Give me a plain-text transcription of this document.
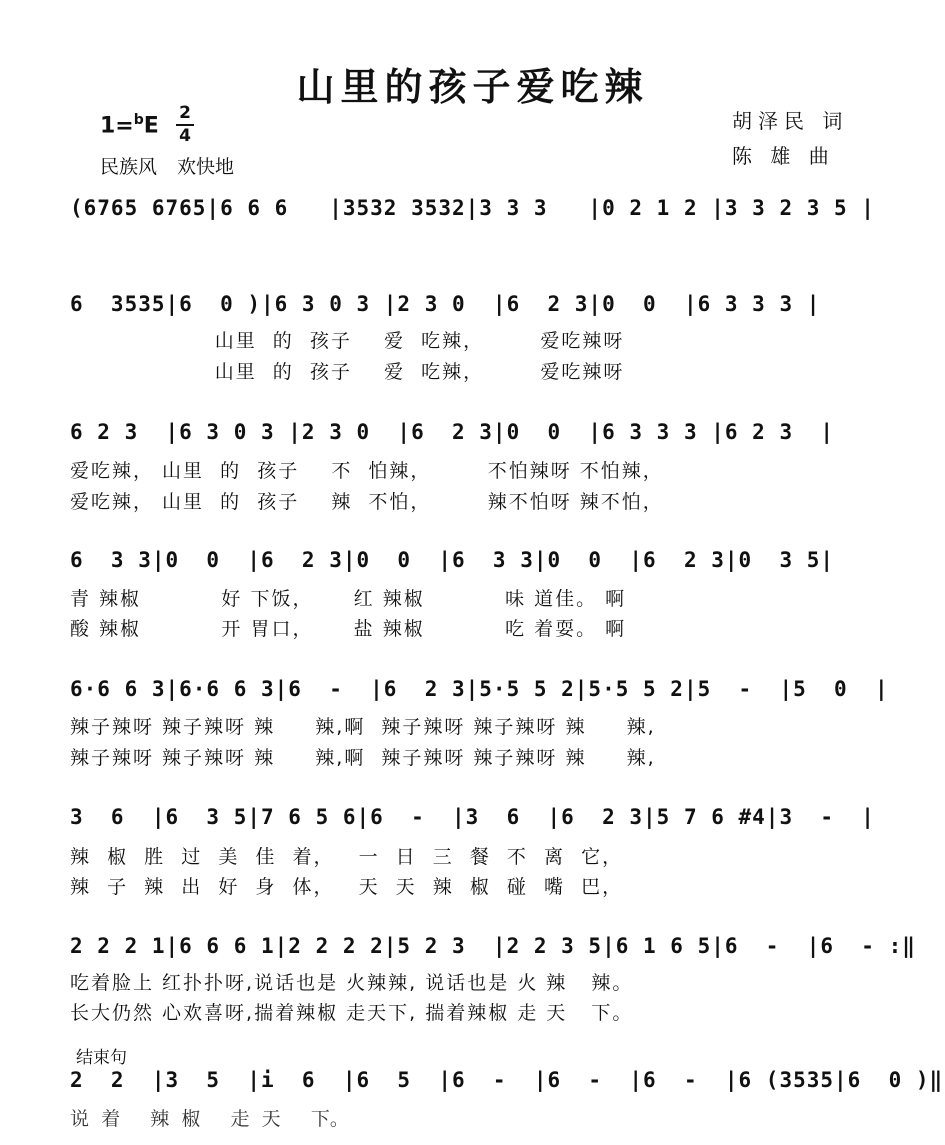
山里的孩子爱吃辣
1=$^b$E
2
4
民族风 欢快地
胡泽民 词
陈 雄 曲
(6765 6765|6 6 6   |3532 3532|3 3 3   |0 2 1 2 |3 3 2 3 5 |
6  3535|6  0 )|6 3 0 3 |2 3 0  |6  2 3|0  0  |6 3 3 3 |
山里  的  孩子    爱  吃辣，       爱吃辣呀
山里  的  孩子    爱  吃辣，       爱吃辣呀
6 2 3  |6 3 0 3 |2 3 0  |6  2 3|0  0  |6 3 3 3 |6 2 3  |
爱吃辣， 山里  的  孩子    不  怕辣，       不怕辣呀 不怕辣，
爱吃辣， 山里  的  孩子    辣  不怕，       辣不怕呀 辣不怕，
6  3 3|0  0  |6  2 3|0  0  |6  3 3|0  0  |6  2 3|0  3 5|
青 辣椒          好 下饭，     红 辣椒          味 道佳。 啊
酸 辣椒          开 胃口，     盐 辣椒          吃 着耍。 啊
6·6 6 3|6·6 6 3|6  -  |6  2 3|5·5 5 2|5·5 5 2|5  -  |5  0  |
辣子辣呀 辣子辣呀 辣     辣,啊  辣子辣呀 辣子辣呀 辣     辣,
辣子辣呀 辣子辣呀 辣     辣,啊  辣子辣呀 辣子辣呀 辣     辣,
3  6  |6  3 5|7 6 5 6|6  -  |3  6  |6  2 3|5 7 6 #4|3  -  |
辣  椒  胜  过  美  佳  着，   一  日  三  餐  不  离  它，
辣  子  辣  出  好  身  体，   天  天  辣  椒  碰  嘴  巴，
2 2 2 1|6 6 6 1|2 2 2 2|5 2 3  |2 2 3 5|6 1 6 5|6  -  |6  - :‖
吃着脸上 红扑扑呀,说话也是 火辣辣, 说话也是 火 辣   辣。
长大仍然 心欢喜呀,揣着辣椒 走天下, 揣着辣椒 走 天   下。
结束句
2  2  |3  5  |i  6  |6  5  |6  -  |6  -  |6  -  |6 (3535|6  0 )‖
说  着     辣  椒     走  天     下。
